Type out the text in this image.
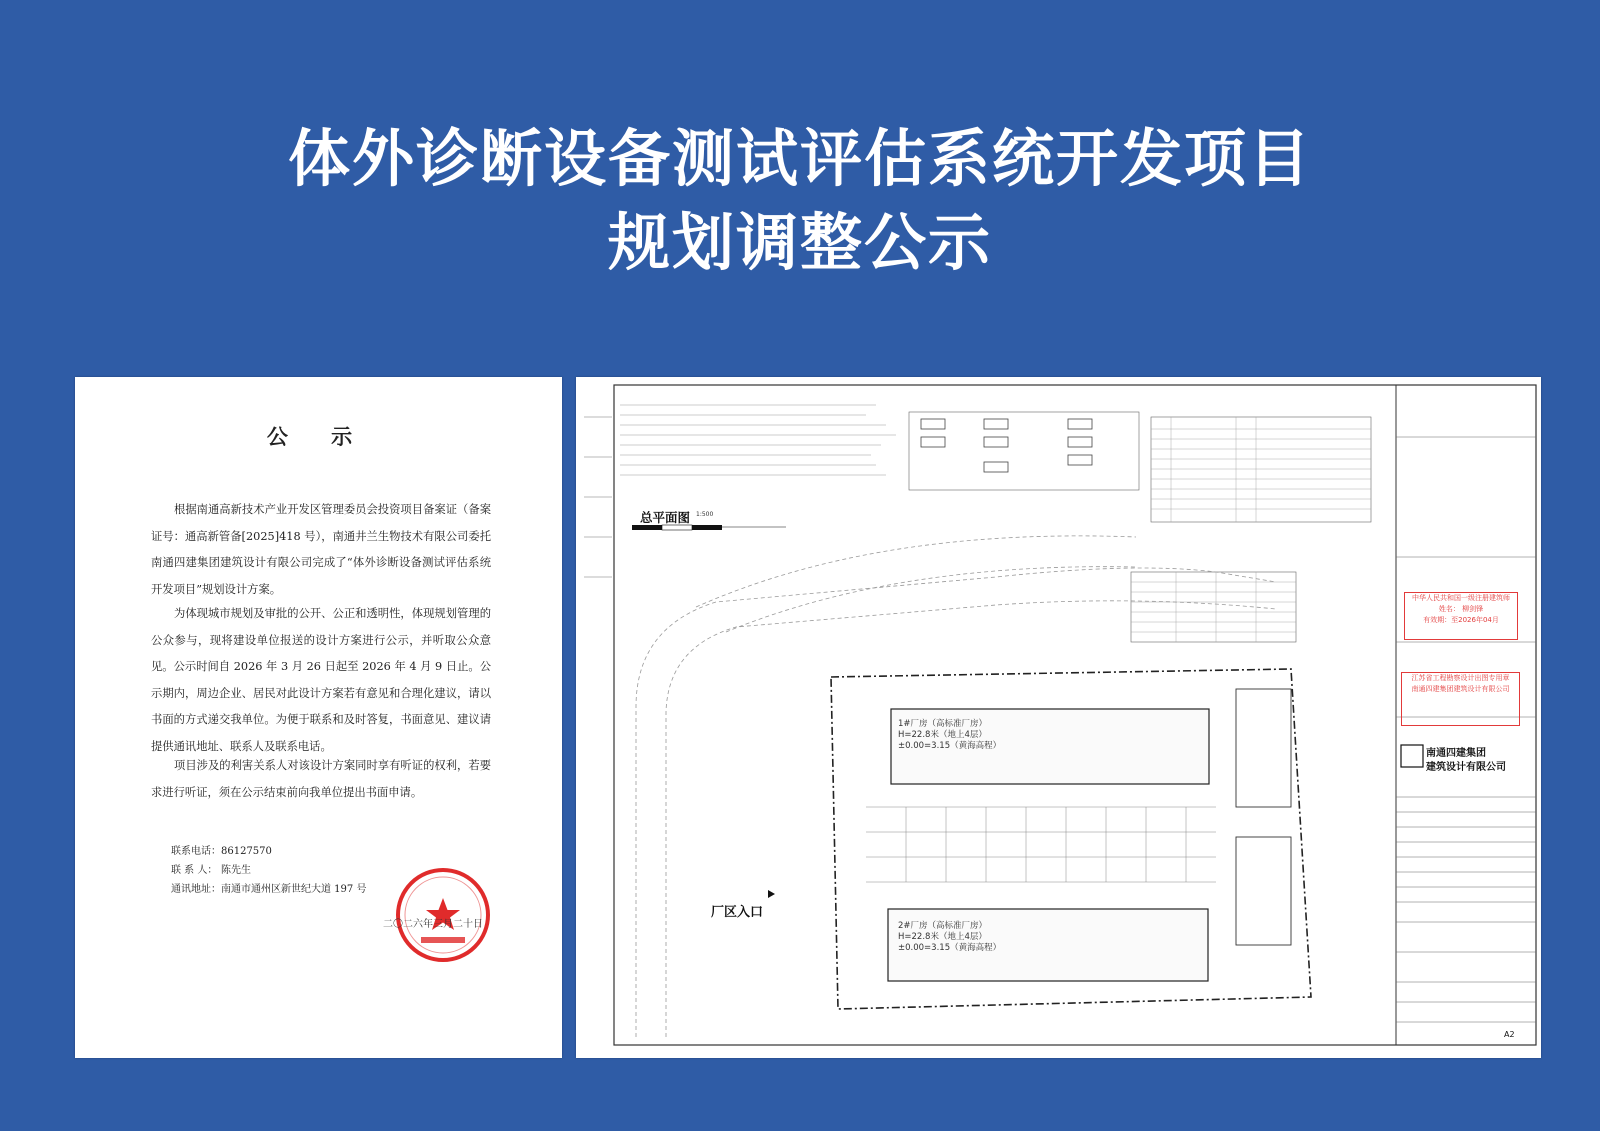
体外诊断设备测试评估系统开发项目
规划调整公示
公 示
根据南通高新技术产业开发区管理委员会投资项目备案证（备案证号：通高新管备[2025]418 号），南通井兰生物技术有限公司委托南通四建集团建筑设计有限公司完成了“体外诊断设备测试评估系统开发项目”规划设计方案。
为体现城市规划及审批的公开、公正和透明性，体现规划管理的公众参与，现将建设单位报送的设计方案进行公示，并听取公众意见。公示时间自 2026 年 3 月 26 日起至 2026 年 4 月 9 日止。公示期内，周边企业、居民对此设计方案若有意见和合理化建议，请以书面的方式递交我单位。为便于联系和及时答复，书面意见、建议请提供通讯地址、联系人及联系电话。
项目涉及的利害关系人对该设计方案同时享有听证的权利，若要求进行听证，须在公示结束前向我单位提出书面申请。
联系电话：86127570
联 系 人： 陈先生
通讯地址：南通市通州区新世纪大道 197 号
二〇二六年三月二十日
总平面图 1:500
厂区入口
1#厂房（高标准厂房）
H=22.8米（地上4层）
±0.00=3.15（黄海高程）
2#厂房（高标准厂房）
H=22.8米（地上4层）
±0.00=3.15（黄海高程）
中华人民共和国一级注册建筑师
姓名： 柳剑锋
有效期：至2026年04月
江苏省工程勘察设计出图专用章
南通四建集团建筑设计有限公司
南通四建集团
建筑设计有限公司
A2
